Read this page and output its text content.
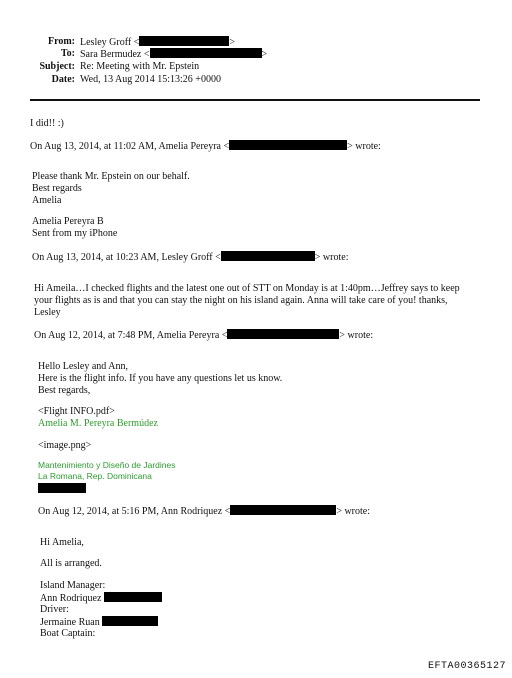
From: Lesley Groff <	>
To: Sara Bermudez <	>
Subject: Re: Meeting with Mr. Epstein
Date: Wed, 13 Aug 2014 15:13:26 +0000
I did!! :)
On Aug 13, 2014, at 11:02 AM, Amelia Pereyra <	> wrote:
Please thank Mr. Epstein on our behalf.
Best regards
Amelia
Amelia Pereyra B
Sent from my iPhone
On Aug 13, 2014, at 10:23 AM, Lesley Groff <	> wrote:
Hi Ameila…I checked flights and the latest one out of STT on Monday is at 1:40pm…Jeffrey says to keep
your flights as is and that you can stay the night on his island again. Anna will take care of you! thanks,
Lesley
On Aug 12, 2014, at 7:48 PM, Amelia Pereyra <	> wrote:
Hello Lesley and Ann,
Here is the flight info. If you have any questions let us know.
Best regards,
<Flight INFO.pdf>
Amelia M. Pereyra Bermúdez
<image.png>
Mantenimiento y Diseño de Jardines
La Romana, Rep. Dominicana
On Aug 12, 2014, at 5:16 PM, Ann Rodriquez <	> wrote:
Hi Amelia,
All is arranged.
Island Manager:
Ann Rodriquez
Driver:
Jermaine Ruan
Boat Captain:
EFTA00365127
